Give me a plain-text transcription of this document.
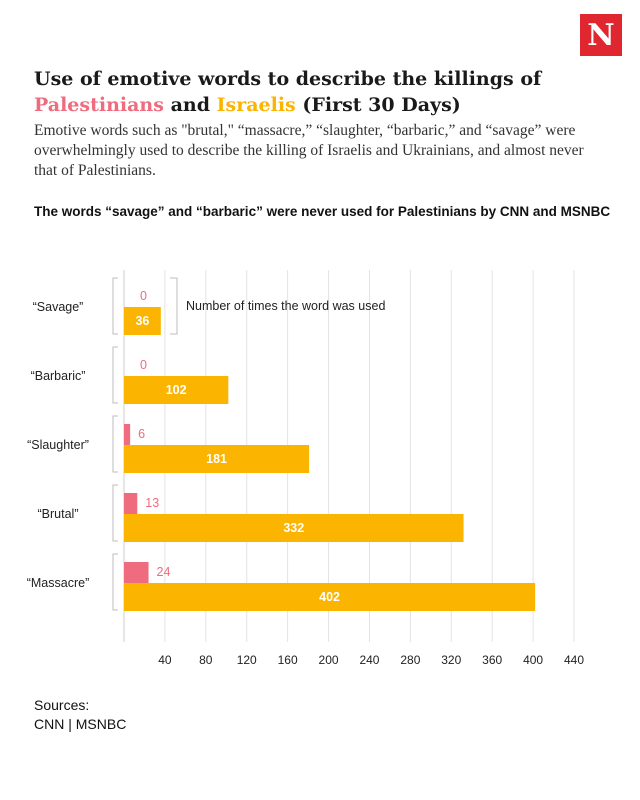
N
Use of emotive words to describe the killings of
Palestinians and Israelis (First 30 Days)

Emotive words such as "brutal," “massacre,” “slaughter, “barbaric,” and “savage” were overwhelmingly used to describe the killing of Israelis and Ukrainians, and almost never that of Palestinians.

The words “savage” and “barbaric” were never used for Palestinians by CNN and MSNBC

40 80 120 160 200 240 280 320 360 400 440
“Savage”
0
36
“Barbaric”
0
102
“Slaughter”
6
181
“Brutal”
13
332
“Massacre”
24
402
Number of times the word was used
Sources:
CNN | MSNBC
